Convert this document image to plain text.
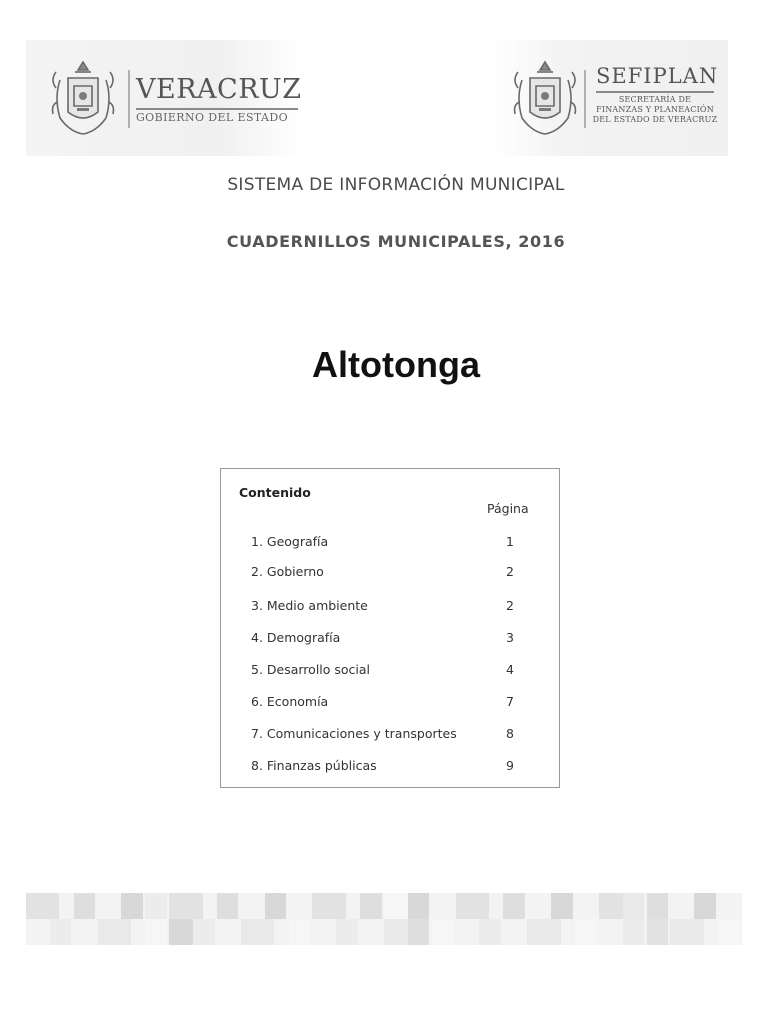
VERACRUZ
GOBIERNO DEL ESTADO
SEFIPLAN
SECRETARÍA DE
FINANZAS Y PLANEACIÓN
DEL ESTADO DE VERACRUZ
SISTEMA DE INFORMACIÓN MUNICIPAL
CUADERNILLOS MUNICIPALES, 2016
Altotonga
Contenido
Página
1. Geografía	1
2. Gobierno	2
3. Medio ambiente	2
4. Demografía	3
5. Desarrollo social	4
6. Economía	7
7. Comunicaciones y transportes	8
8. Finanzas públicas	9
